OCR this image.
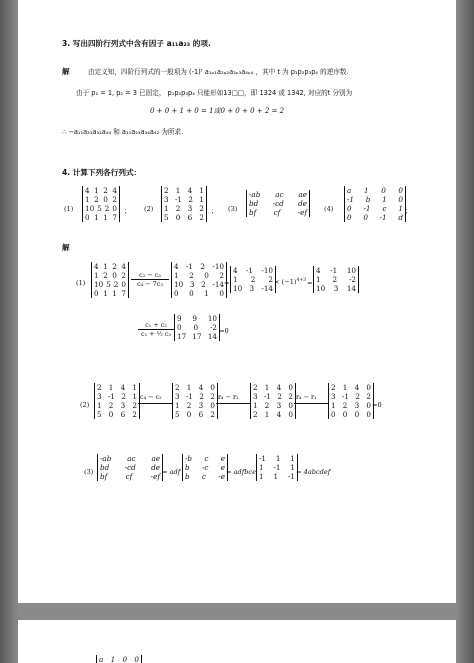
3. 写出四阶行列式中含有因子 a₁₁a₂₃ 的项.
解	由定义知，四阶行列式的一般项为 (-1)ᵗ a₁ₚ₁a₂ₚ₂a₃ₚ₃a₄ₚ₄ ，其中 t 为 p₁p₂p₃p₄ 的逆序数.
由于 p₁ = 1, p₂ = 3 已固定， p₁p₂p₃p₄ 只能形如13□□，即 1324 或 1342, 对应的t 分别为
0 + 0 + 1 + 0 = 1或0 + 0 + 0 + 2 = 2
∴ −a₁₁a₂₃a₃₂a₄₄ 和 a₁₁a₂₃a₃₄a₄₂ 为所求.
4. 计算下列各行列式：
(1)
4 1 2 4
1 2 0 2
10 5 2 0
0 1 1 7
； (2)
2 1 4 1
3 -1 2 1
1 2 3 2
5 0 6 2
； (3)
-ab ac ae
bd -cd de
bf cf -ef ； (4)
a 1 0 0
-1 b 1 0
0 -1 c 1
0 0 -1 d
；
解
(1)
4 1 2 4
1 2 0 2
10 5 2 0
0 1 1 7
$\frac{\text{c₂ − c₃}}{\text{c₄ − 7c₃}}$
4 -1 2 -10
1 2 0 2
10 3 2 -14
0 0 1 0
=
4 -1 -10
1 2 2
10 3 -14
× $(-1)^{4+3}$ =
4 -1 10
1 2 -2
10 3 14
$\frac{\text{c₁ + c₂}}{\text{c₁ + ½ c₃}}$
9 9 10
0 0 -2
17 17 14
=0
(2)
2 1 4 1
3 -1 2 1
1 2 3 2
5 0 6 2
c₄ − c₂
2 1 4 0
3 -1 2 2
1 2 3 0
5 0 6 2
r₄ − r₂
2 1 4 0
3 -1 2 2
1 2 3 0
2 1 4 0
r₄ − r₁
2 1 4 0
3 -1 2 2
1 2 3 0
0 0 0 0
=0
(3)
-ab ac ae
bd -cd de
bf	cf	-ef = adf
-b c e
b -c e
b c -e = adfbce
-1 1 1
1 -1 1
1 1 -1 = 4abcdef
a 1 0 0
